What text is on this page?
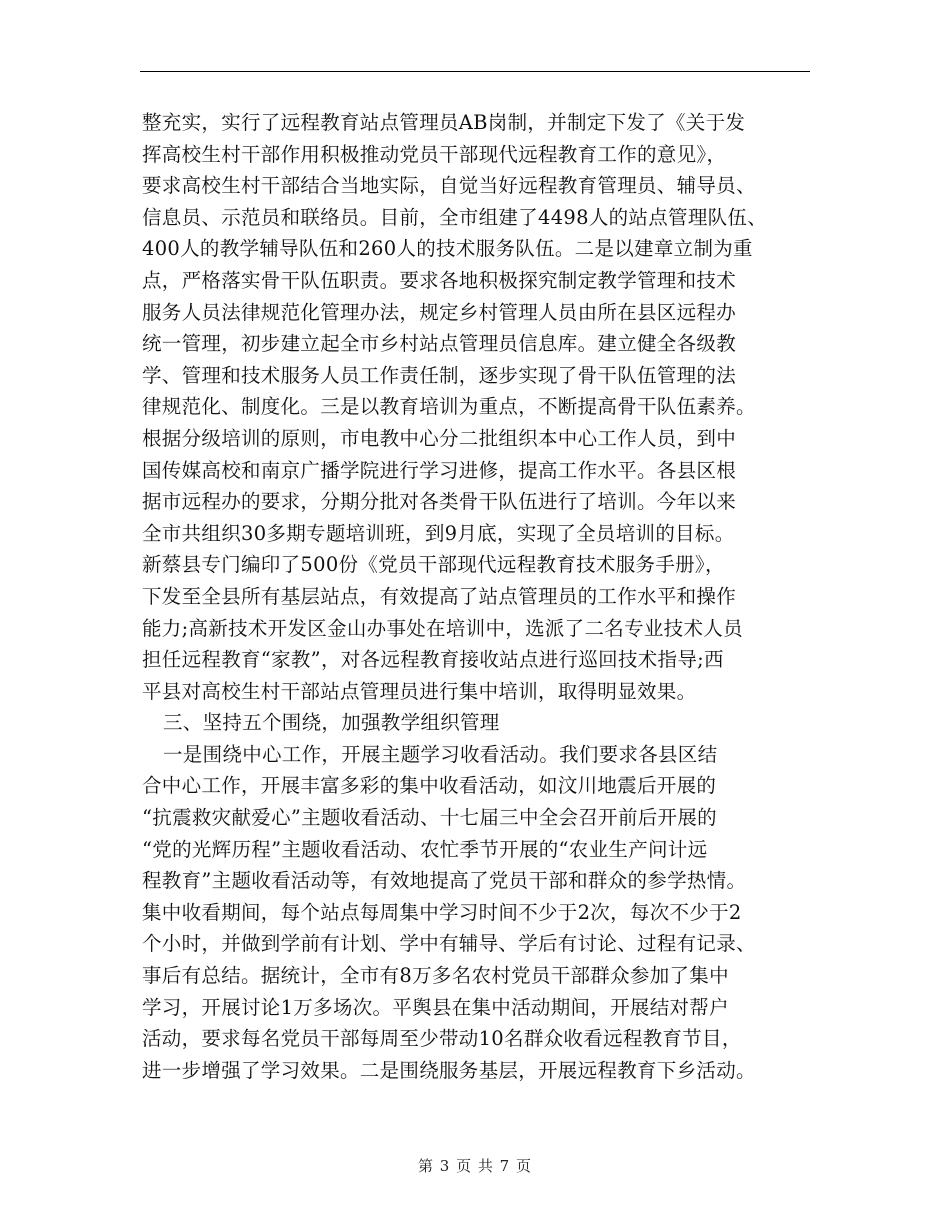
整充实，实行了远程教育站点管理员AB岗制，并制定下发了《关于发
挥高校生村干部作用积极推动党员干部现代远程教育工作的意见》，
要求高校生村干部结合当地实际，自觉当好远程教育管理员、辅导员、
信息员、示范员和联络员。目前，全市组建了4498人的站点管理队伍、
400人的教学辅导队伍和260人的技术服务队伍。二是以建章立制为重
点，严格落实骨干队伍职责。要求各地积极探究制定教学管理和技术
服务人员法律规范化管理办法，规定乡村管理人员由所在县区远程办
统一管理，初步建立起全市乡村站点管理员信息库。建立健全各级教
学、管理和技术服务人员工作责任制，逐步实现了骨干队伍管理的法
律规范化、制度化。三是以教育培训为重点，不断提高骨干队伍素养。
根据分级培训的原则，市电教中心分二批组织本中心工作人员，到中
国传媒高校和南京广播学院进行学习进修，提高工作水平。各县区根
据市远程办的要求，分期分批对各类骨干队伍进行了培训。今年以来
全市共组织30多期专题培训班，到9月底，实现了全员培训的目标。
新蔡县专门编印了500份《党员干部现代远程教育技术服务手册》，
下发至全县所有基层站点，有效提高了站点管理员的工作水平和操作
能力;高新技术开发区金山办事处在培训中，选派了二名专业技术人员
担任远程教育“家教”，对各远程教育接收站点进行巡回技术指导;西
平县对高校生村干部站点管理员进行集中培训，取得明显效果。
三、坚持五个围绕，加强教学组织管理
一是围绕中心工作，开展主题学习收看活动。我们要求各县区结
合中心工作，开展丰富多彩的集中收看活动，如汶川地震后开展的
“抗震救灾献爱心”主题收看活动、十七届三中全会召开前后开展的
“党的光辉历程”主题收看活动、农忙季节开展的“农业生产问计远
程教育”主题收看活动等，有效地提高了党员干部和群众的参学热情。
集中收看期间，每个站点每周集中学习时间不少于2次，每次不少于2
个小时，并做到学前有计划、学中有辅导、学后有讨论、过程有记录、
事后有总结。据统计，全市有8万多名农村党员干部群众参加了集中
学习，开展讨论1万多场次。平舆县在集中活动期间，开展结对帮户
活动，要求每名党员干部每周至少带动10名群众收看远程教育节目，
进一步增强了学习效果。二是围绕服务基层，开展远程教育下乡活动。
第 3 页 共 7 页
